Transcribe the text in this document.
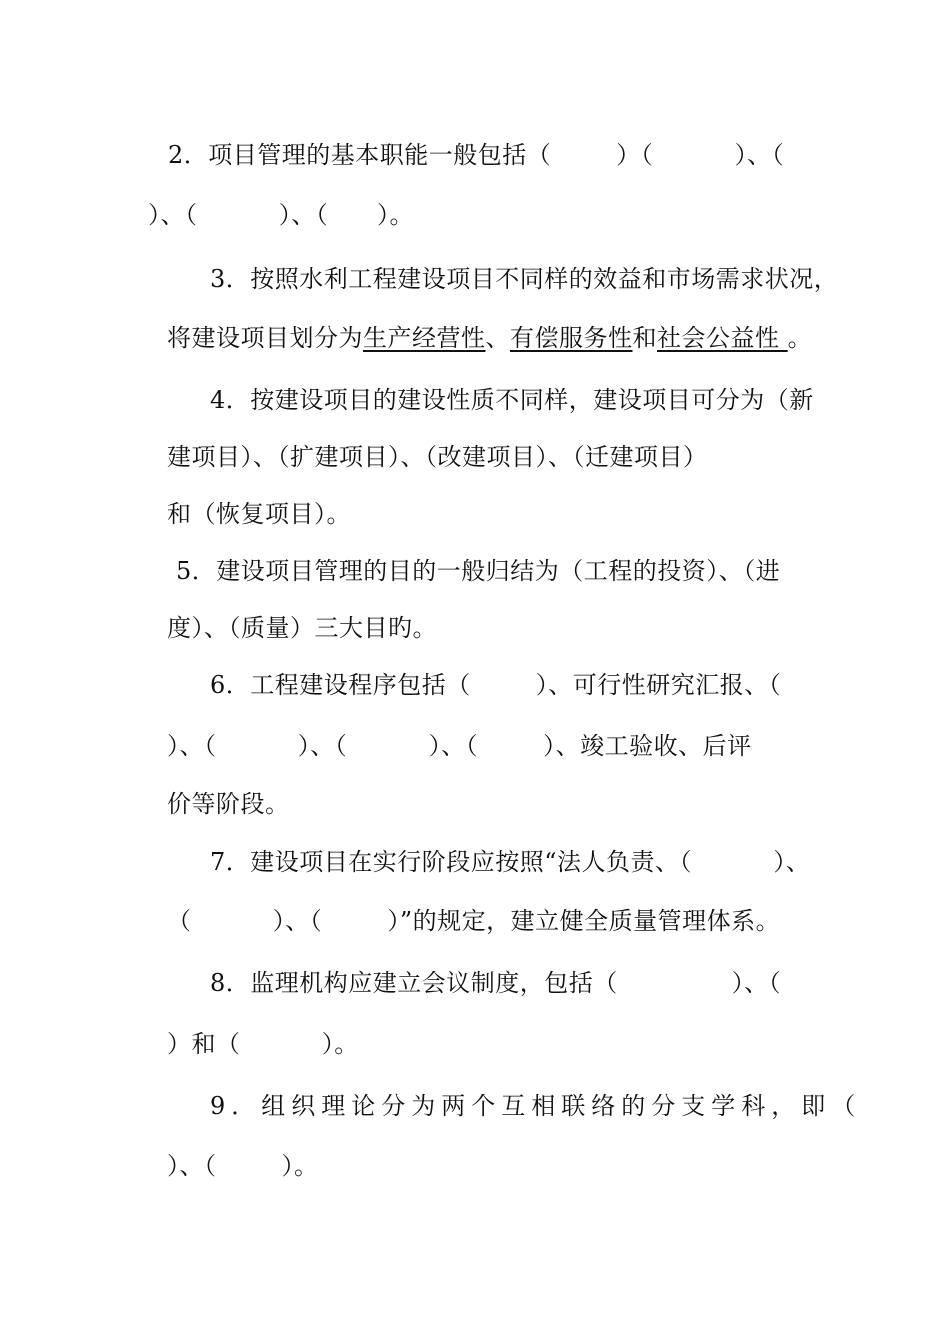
2．项目管理的基本职能一般包括（        ）（          ）、（
）、（          ）、（      ）。
3．按照水利工程建设项目不同样的效益和市场需求状况，
将建设项目划分为生产经营性、有偿服务性和社会公益性 。
4．按建设项目的建设性质不同样，建设项目可分为（新
建项目）、（扩建项目）、（改建项目）、（迁建项目）
和（恢复项目）。
5．建设项目管理的目的一般归结为（工程的投资）、（进
度）、（质量）三大目旳。
6．工程建设程序包括（        ）、可行性研究汇报、（
）、（          ）、（          ）、（        ）、竣工验收、后评
价等阶段。
7．建设项目在实行阶段应按照“法人负责、（          ）、
（          ）、（        ）”的规定，建立健全质量管理体系。
8．监理机构应建立会议制度，包括（              ）、（
）和（          ）。
9．组织理论分为两个互相联络的分支学科，即（
）、（        ）。
